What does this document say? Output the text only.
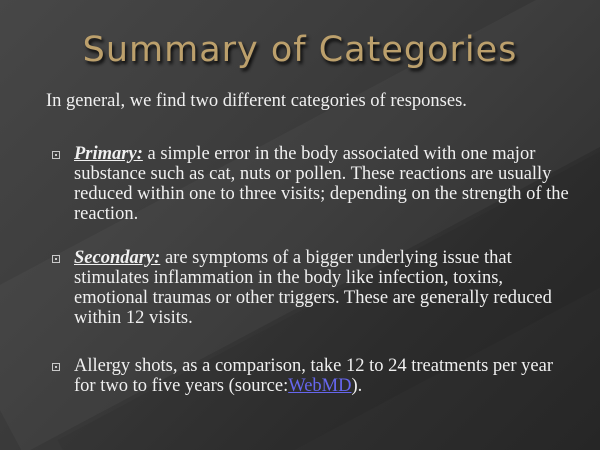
Summary of Categories
In general, we find two different categories of responses.
Primary: a simple error in the body associated with one major substance such as cat, nuts or pollen. These reactions are usually reduced within one to three visits; depending on the strength of the reaction.
Secondary: are symptoms of a bigger underlying issue that stimulates inflammation in the body like infection, toxins, emotional traumas or other triggers. These are generally reduced within 12 visits.
Allergy shots, as a comparison, take 12 to 24 treatments per year for two to five years (source:WebMD).
